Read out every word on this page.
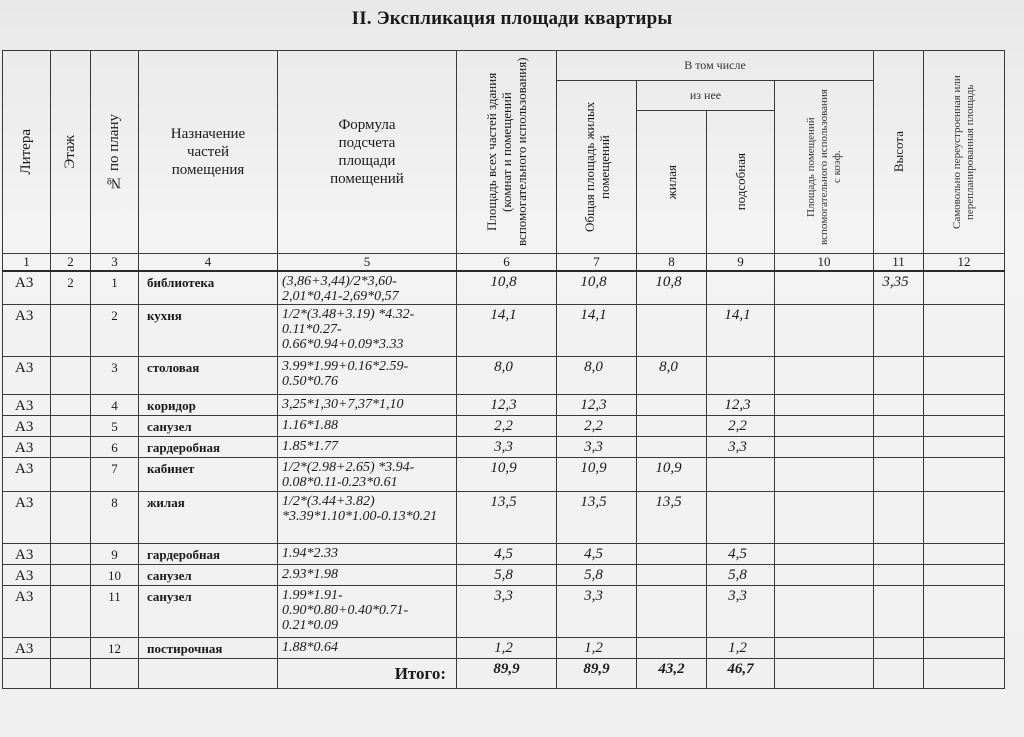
II. Экспликация площади квартиры
Литера	Этаж	№ по плану	Назначение частей помещения	Формула подсчета площади помещений	Площадь всех частей здания (комнат и помещений вспомогательного использования)	В том числе				Высота	Самовольно переустроенная или перепланированная площадь

						Общая площадь жилых помещений	из нее		Площадь помещений вспомогательного использования с коэф.		

							жилая	подсобная			

1	2	3	4	5	6	7	8	9	10	11	12
А3	2	1	библиотека	(3,86+3,44)/2*3,60-2,01*0,41-2,69*0,57	10,8	10,8	10,8			3,35	
А3		2	кухня	1/2*(3.48+3.19) *4.32-0.11*0.27-0.66*0.94+0.09*3.33	14,1	14,1		14,1			
А3		3	столовая	3.99*1.99+0.16*2.59-0.50*0.76	8,0	8,0	8,0				
А3		4	коридор	3,25*1,30+7,37*1,10	12,3	12,3		12,3			
А3		5	санузел	1.16*1.88	2,2	2,2		2,2			
А3		6	гардеробная	1.85*1.77	3,3	3,3		3,3			
А3		7	кабинет	1/2*(2.98+2.65) *3.94-0.08*0.11-0.23*0.61	10,9	10,9	10,9				
А3		8	жилая	1/2*(3.44+3.82) *3.39*1.10*1.00-0.13*0.21	13,5	13,5	13,5				
А3		9	гардеробная	1.94*2.33	4,5	4,5		4,5			
А3		10	санузел	2.93*1.98	5,8	5,8		5,8			
А3		11	санузел	1.99*1.91-0.90*0.80+0.40*0.71-0.21*0.09	3,3	3,3		3,3			
А3		12	постирочная	1.88*0.64	1,2	1,2		1,2			
				Итого:	89,9	89,9	43,2	46,7			
